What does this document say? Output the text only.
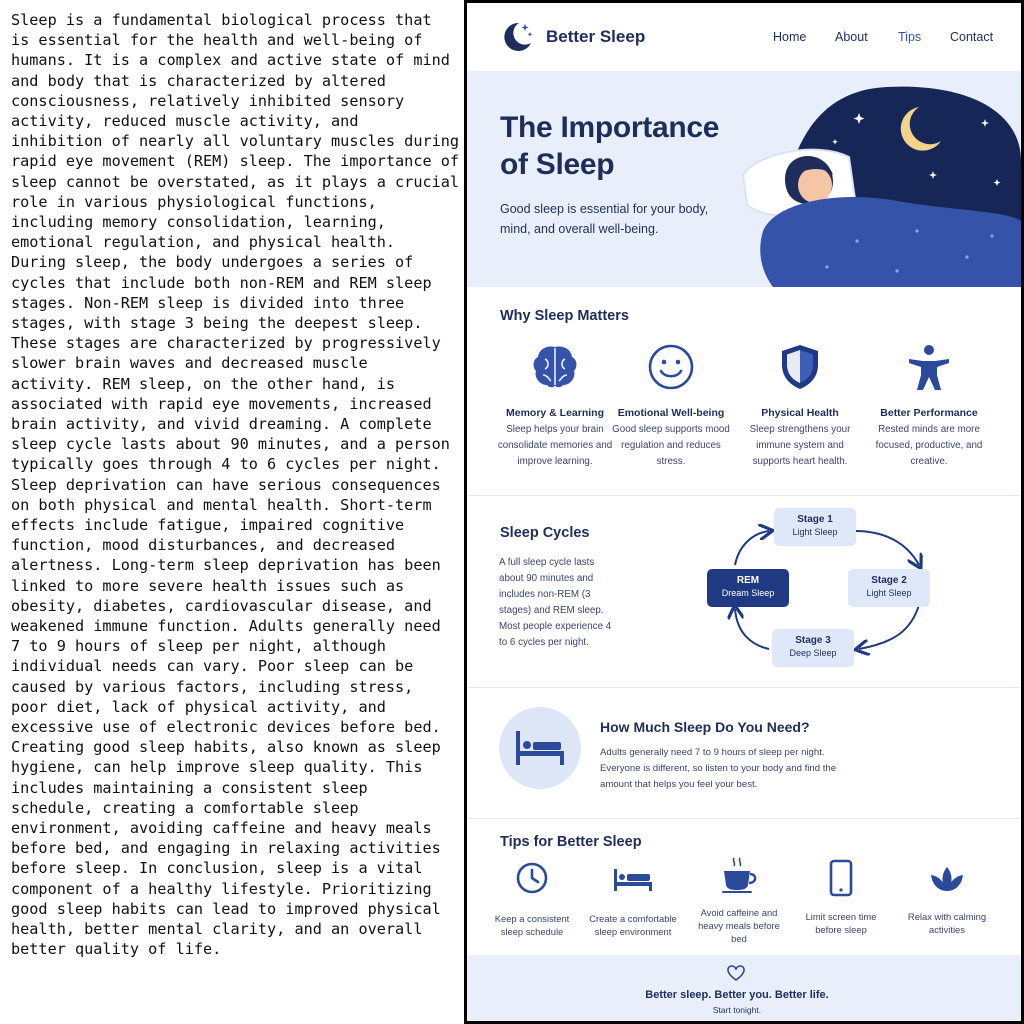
Sleep is a fundamental biological process that
is essential for the health and well-being of
humans. It is a complex and active state of mind
and body that is characterized by altered
consciousness, relatively inhibited sensory
activity, reduced muscle activity, and
inhibition of nearly all voluntary muscles during
rapid eye movement (REM) sleep. The importance of
sleep cannot be overstated, as it plays a crucial
role in various physiological functions,
including memory consolidation, learning,
emotional regulation, and physical health.
During sleep, the body undergoes a series of
cycles that include both non-REM and REM sleep
stages. Non-REM sleep is divided into three
stages, with stage 3 being the deepest sleep.
These stages are characterized by progressively
slower brain waves and decreased muscle
activity. REM sleep, on the other hand, is
associated with rapid eye movements, increased
brain activity, and vivid dreaming. A complete
sleep cycle lasts about 90 minutes, and a person
typically goes through 4 to 6 cycles per night.
Sleep deprivation can have serious consequences
on both physical and mental health. Short-term
effects include fatigue, impaired cognitive
function, mood disturbances, and decreased
alertness. Long-term sleep deprivation has been
linked to more severe health issues such as
obesity, diabetes, cardiovascular disease, and
weakened immune function. Adults generally need
7 to 9 hours of sleep per night, although
individual needs can vary. Poor sleep can be
caused by various factors, including stress,
poor diet, lack of physical activity, and
excessive use of electronic devices before bed.
Creating good sleep habits, also known as sleep
hygiene, can help improve sleep quality. This
includes maintaining a consistent sleep
schedule, creating a comfortable sleep
environment, avoiding caffeine and heavy meals
before bed, and engaging in relaxing activities
before sleep. In conclusion, sleep is a vital
component of a healthy lifestyle. Prioritizing
good sleep habits can lead to improved physical
health, better mental clarity, and an overall
better quality of life.
Better Sleep	Home About Tips Contact
The Importance
of Sleep
Good sleep is essential for your body, mind, and overall well-being.
Why Sleep Matters
Memory & Learning
Sleep helps your brain consolidate memories and improve learning.
Emotional Well-being
Good sleep supports mood regulation and reduces stress.
Physical Health
Sleep strengthens your immune system and supports heart health.
Better Performance
Rested minds are more focused, productive, and creative.
Sleep Cycles
A full sleep cycle lasts about 90 minutes and includes non-REM (3 stages) and REM sleep. Most people experience 4 to 6 cycles per night.
Stage 1
Light Sleep
Stage 2
Light Sleep
Stage 3
Deep Sleep
REM
Dream Sleep
How Much Sleep Do You Need?
Adults generally need 7 to 9 hours of sleep per night. Everyone is different, so listen to your body and find the amount that helps you feel your best.
Tips for Better Sleep
Keep a consistent sleep schedule
Create a comfortable sleep environment
Avoid caffeine and heavy meals before bed
Limit screen time before sleep
Relax with calming activities
Better sleep. Better you. Better life.
Start tonight.
